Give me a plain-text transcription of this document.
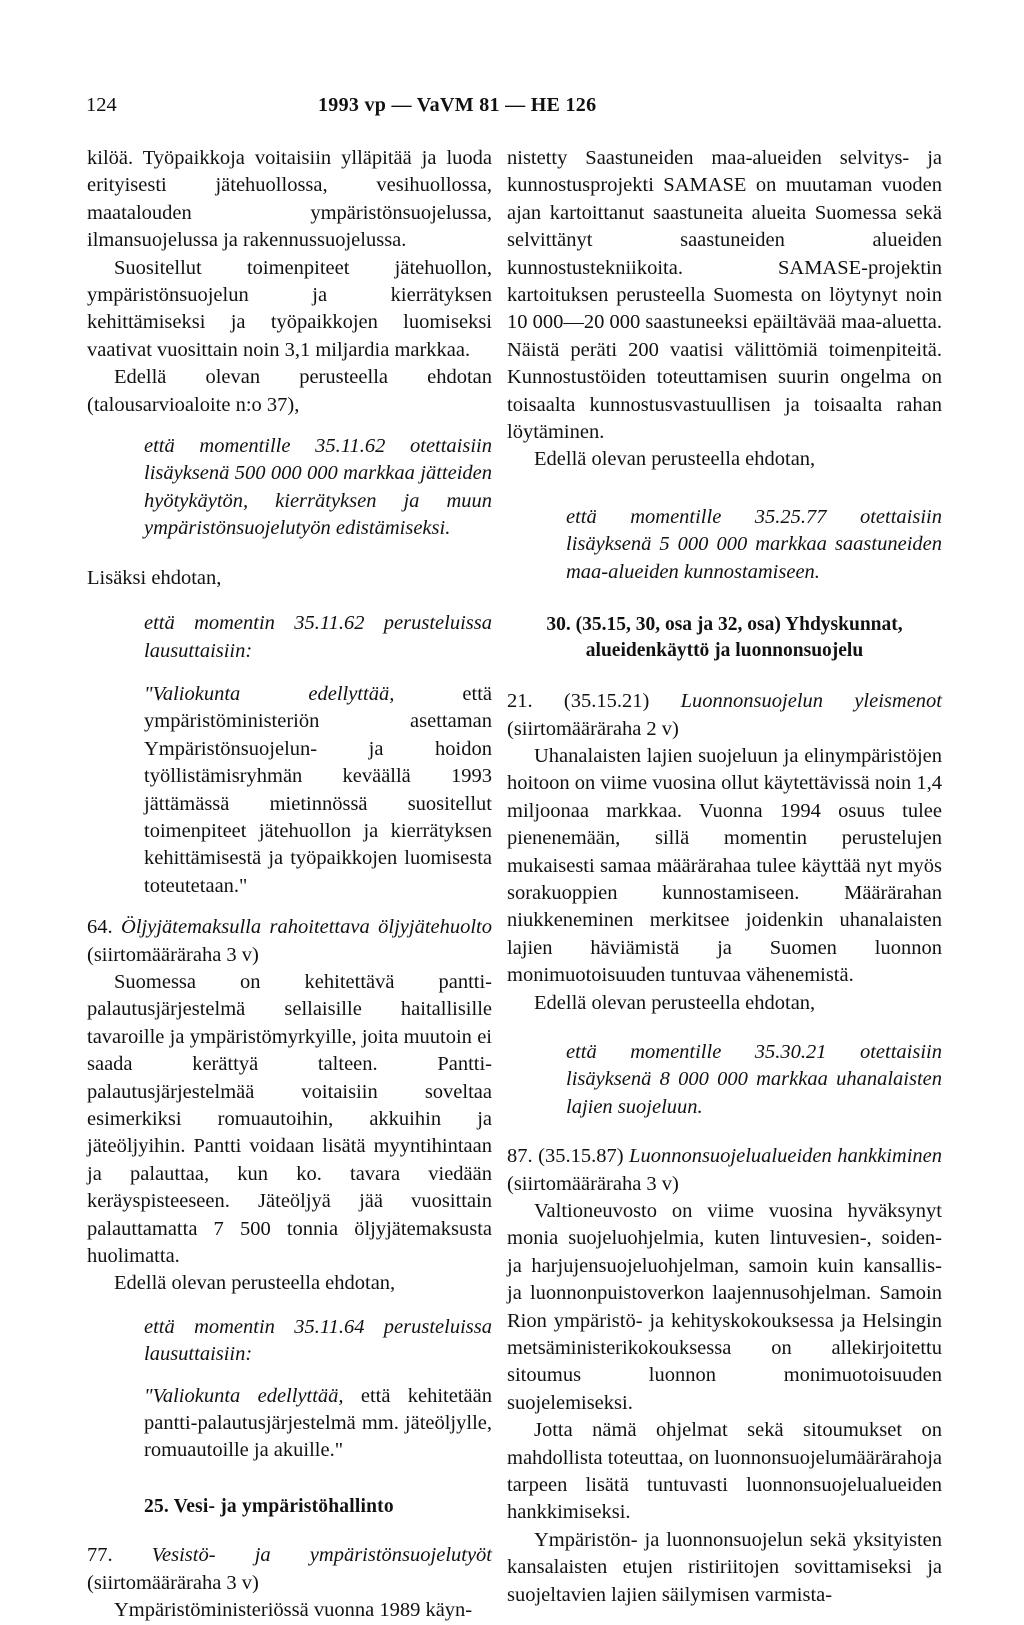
124	1993 vp — VaVM 81 — HE 126

kilöä. Työpaikkoja voitaisiin ylläpitää ja luoda erityisesti jätehuollossa, vesihuollossa, maatalouden ympäristönsuojelussa, ilmansuojelussa ja rakennussuojelussa.

Suositellut toimenpiteet jätehuollon, ympäristönsuojelun ja kierrätyksen kehittämiseksi ja työpaikkojen luomiseksi vaativat vuosittain noin 3,1 miljardia markkaa.

Edellä olevan perusteella ehdotan (talousarvioaloite n:o 37),

että momentille 35.11.62 otettaisiin lisäyksenä 500 000 000 markkaa jätteiden hyötykäytön, kierrätyksen ja muun ympäristönsuojelutyön edistämiseksi.

Lisäksi ehdotan,

että momentin 35.11.62 perusteluissa lausuttaisiin:

"Valiokunta edellyttää, että ympäristöministeriön asettaman Ympäristönsuojelun- ja hoidon työllistämisryhmän keväällä 1993 jättämässä mietinnössä suositellut toimenpiteet jätehuollon ja kierrätyksen kehittämisestä ja työpaikkojen luomisesta toteutetaan."

64. Öljyjätemaksulla rahoitettava öljyjätehuolto (siirtomääräraha 3 v)

Suomessa on kehitettävä pantti-palautusjärjestelmä sellaisille haitallisille tavaroille ja ympäristömyrkyille, joita muutoin ei saada kerättyä talteen. Pantti-palautusjärjestelmää voitaisiin soveltaa esimerkiksi romuautoihin, akkuihin ja jäteöljyihin. Pantti voidaan lisätä myyntihintaan ja palauttaa, kun ko. tavara viedään keräyspisteeseen. Jäteöljyä jää vuosittain palauttamatta 7 500 tonnia öljyjätemaksusta huolimatta.

Edellä olevan perusteella ehdotan,

että momentin 35.11.64 perusteluissa lausuttaisiin:

"Valiokunta edellyttää, että kehitetään pantti-palautusjärjestelmä mm. jäteöljylle, romuautoille ja akuille."

25. Vesi- ja ympäristöhallinto

77. Vesistö- ja ympäristönsuojelutyöt (siirtomääräraha 3 v)

Ympäristöministeriössä vuonna 1989 käyn-

nistetty Saastuneiden maa-alueiden selvitys- ja kunnostusprojekti SAMASE on muutaman vuoden ajan kartoittanut saastuneita alueita Suomessa sekä selvittänyt saastuneiden alueiden kunnostustekniikoita. SAMASE-projektin kartoituksen perusteella Suomesta on löytynyt noin 10 000—20 000 saastuneeksi epäiltävää maa-aluetta. Näistä peräti 200 vaatisi välittömiä toimenpiteitä. Kunnostustöiden toteuttamisen suurin ongelma on toisaalta kunnostusvastuullisen ja toisaalta rahan löytäminen.

Edellä olevan perusteella ehdotan,

että momentille 35.25.77 otettaisiin lisäyksenä 5 000 000 markkaa saastuneiden maa-alueiden kunnostamiseen.

30. (35.15, 30, osa ja 32, osa) Yhdyskunnat,
alueidenkäyttö ja luonnonsuojelu

21. (35.15.21) Luonnonsuojelun yleismenot (siirtomääräraha 2 v)

Uhanalaisten lajien suojeluun ja elinympäristöjen hoitoon on viime vuosina ollut käytettävissä noin 1,4 miljoonaa markkaa. Vuonna 1994 osuus tulee pienenemään, sillä momentin perustelujen mukaisesti samaa määrärahaa tulee käyttää nyt myös sorakuoppien kunnostamiseen. Määrärahan niukkeneminen merkitsee joidenkin uhanalaisten lajien häviämistä ja Suomen luonnon monimuotoisuuden tuntuvaa vähenemistä.

Edellä olevan perusteella ehdotan,

että momentille 35.30.21 otettaisiin lisäyksenä 8 000 000 markkaa uhanalaisten lajien suojeluun.

87. (35.15.87) Luonnonsuojelualueiden hankkiminen (siirtomääräraha 3 v)

Valtioneuvosto on viime vuosina hyväksynyt monia suojeluohjelmia, kuten lintuvesien-, soiden- ja harjujensuojeluohjelman, samoin kuin kansallis- ja luonnonpuistoverkon laajennusohjelman. Samoin Rion ympäristö- ja kehityskokouksessa ja Helsingin metsäministerikokouksessa on allekirjoitettu sitoumus luonnon monimuotoisuuden suojelemiseksi.

Jotta nämä ohjelmat sekä sitoumukset on mahdollista toteuttaa, on luonnonsuojelumäärärahoja tarpeen lisätä tuntuvasti luonnonsuojelualueiden hankkimiseksi.

Ympäristön- ja luonnonsuojelun sekä yksityisten kansalaisten etujen ristiriitojen sovittamiseksi ja suojeltavien lajien säilymisen varmista-
